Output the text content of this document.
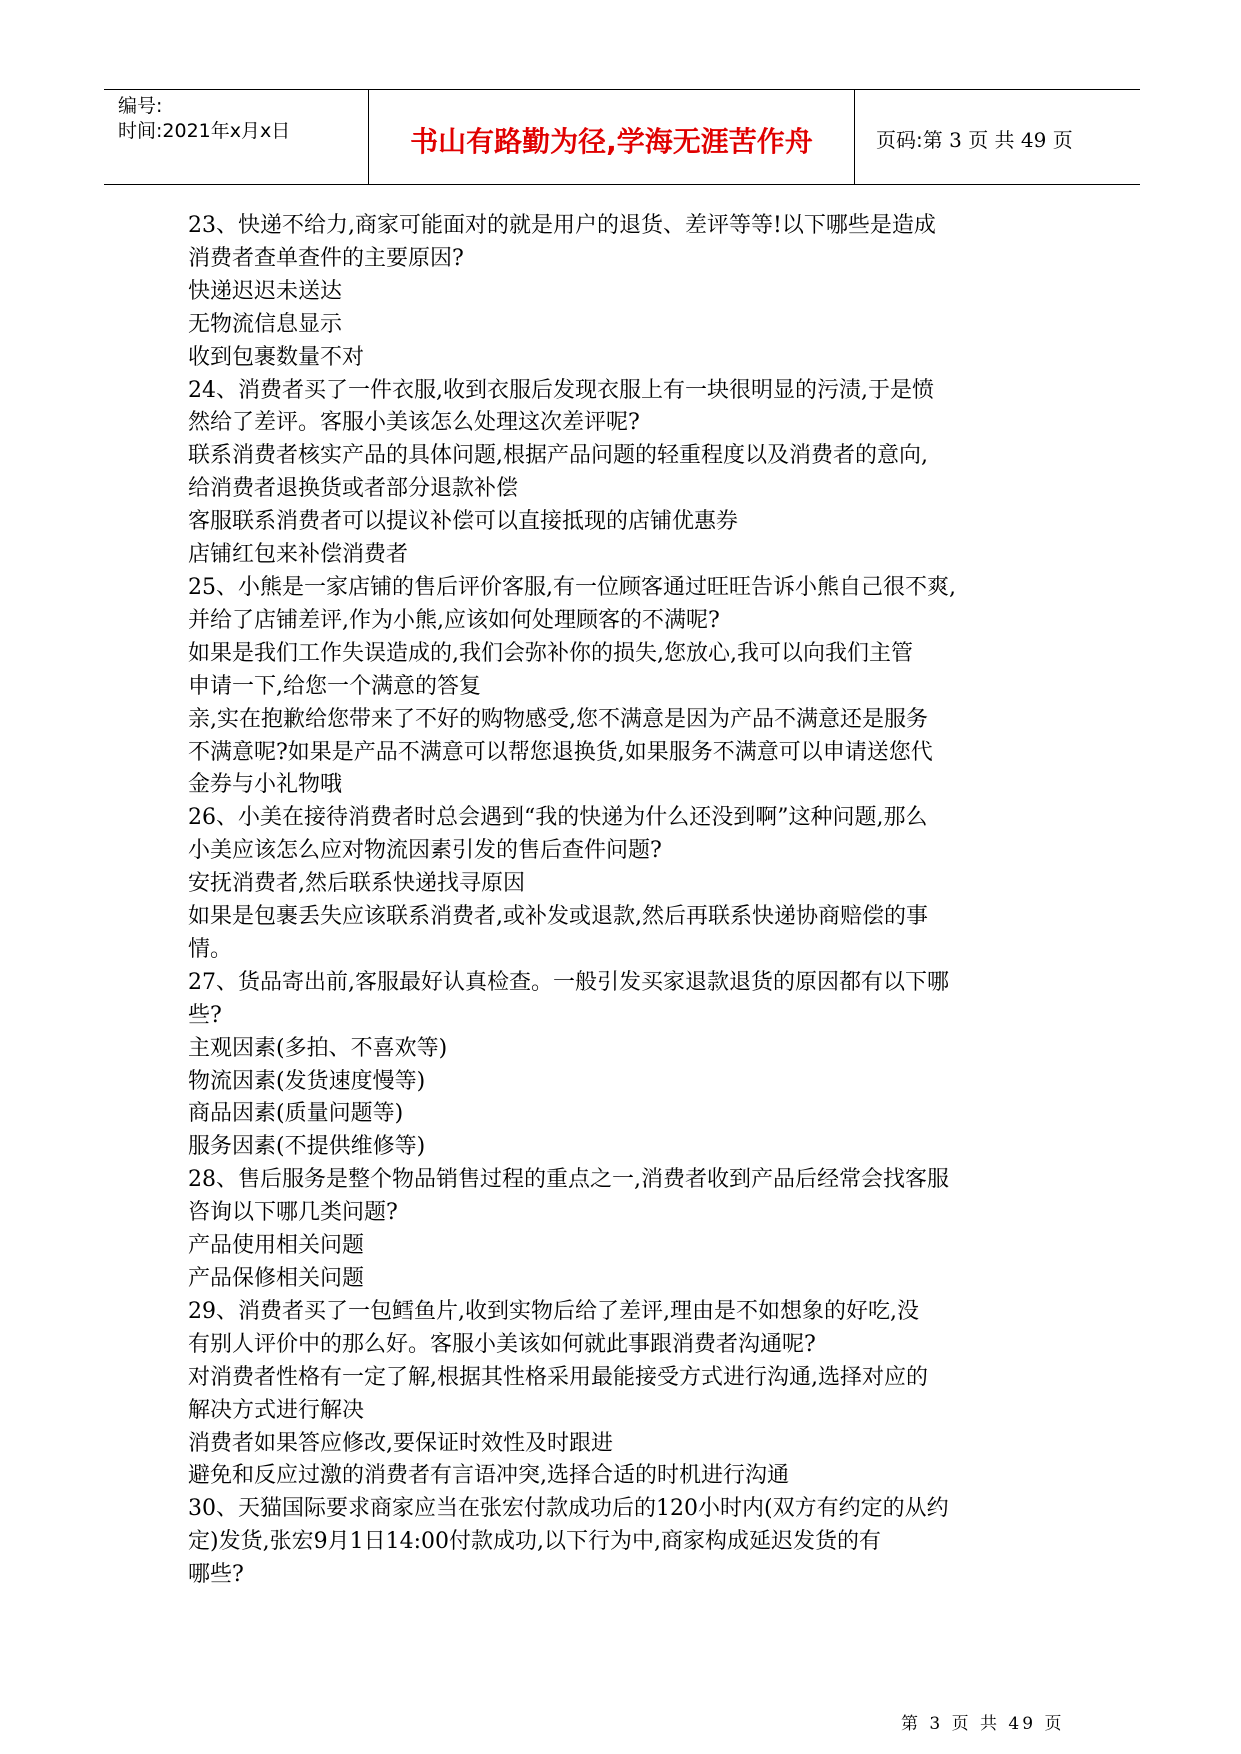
编号:
时间:2021年x月x日	书山有路勤为径,学海无涯苦作舟	页码:第 3 页 共 49 页

23、快递不给力,商家可能面对的就是用户的退货、差评等等!以下哪些是造成

消费者查单查件的主要原因?

快递迟迟未送达

无物流信息显示

收到包裹数量不对

24、消费者买了一件衣服,收到衣服后发现衣服上有一块很明显的污渍,于是愤

然给了差评。客服小美该怎么处理这次差评呢?

联系消费者核实产品的具体问题,根据产品问题的轻重程度以及消费者的意向,

给消费者退换货或者部分退款补偿

客服联系消费者可以提议补偿可以直接抵现的店铺优惠券

店铺红包来补偿消费者

25、小熊是一家店铺的售后评价客服,有一位顾客通过旺旺告诉小熊自己很不爽,

并给了店铺差评,作为小熊,应该如何处理顾客的不满呢?

如果是我们工作失误造成的,我们会弥补你的损失,您放心,我可以向我们主管

申请一下,给您一个满意的答复

亲,实在抱歉给您带来了不好的购物感受,您不满意是因为产品不满意还是服务

不满意呢?如果是产品不满意可以帮您退换货,如果服务不满意可以申请送您代

金券与小礼物哦

26、小美在接待消费者时总会遇到“我的快递为什么还没到啊”这种问题,那么

小美应该怎么应对物流因素引发的售后查件问题?

安抚消费者,然后联系快递找寻原因

如果是包裹丢失应该联系消费者,或补发或退款,然后再联系快递协商赔偿的事

情。

27、货品寄出前,客服最好认真检查。一般引发买家退款退货的原因都有以下哪

些?

主观因素(多拍、不喜欢等)

物流因素(发货速度慢等)

商品因素(质量问题等)

服务因素(不提供维修等)

28、售后服务是整个物品销售过程的重点之一,消费者收到产品后经常会找客服

咨询以下哪几类问题?

产品使用相关问题

产品保修相关问题

29、消费者买了一包鳕鱼片,收到实物后给了差评,理由是不如想象的好吃,没

有别人评价中的那么好。客服小美该如何就此事跟消费者沟通呢?

对消费者性格有一定了解,根据其性格采用最能接受方式进行沟通,选择对应的

解决方式进行解决

消费者如果答应修改,要保证时效性及时跟进

避免和反应过激的消费者有言语冲突,选择合适的时机进行沟通

30、天猫国际要求商家应当在张宏付款成功后的120小时内(双方有约定的从约

定)发货,张宏9月1日14:00付款成功,以下行为中,商家构成延迟发货的有

哪些?

第 3 页 共 49 页
